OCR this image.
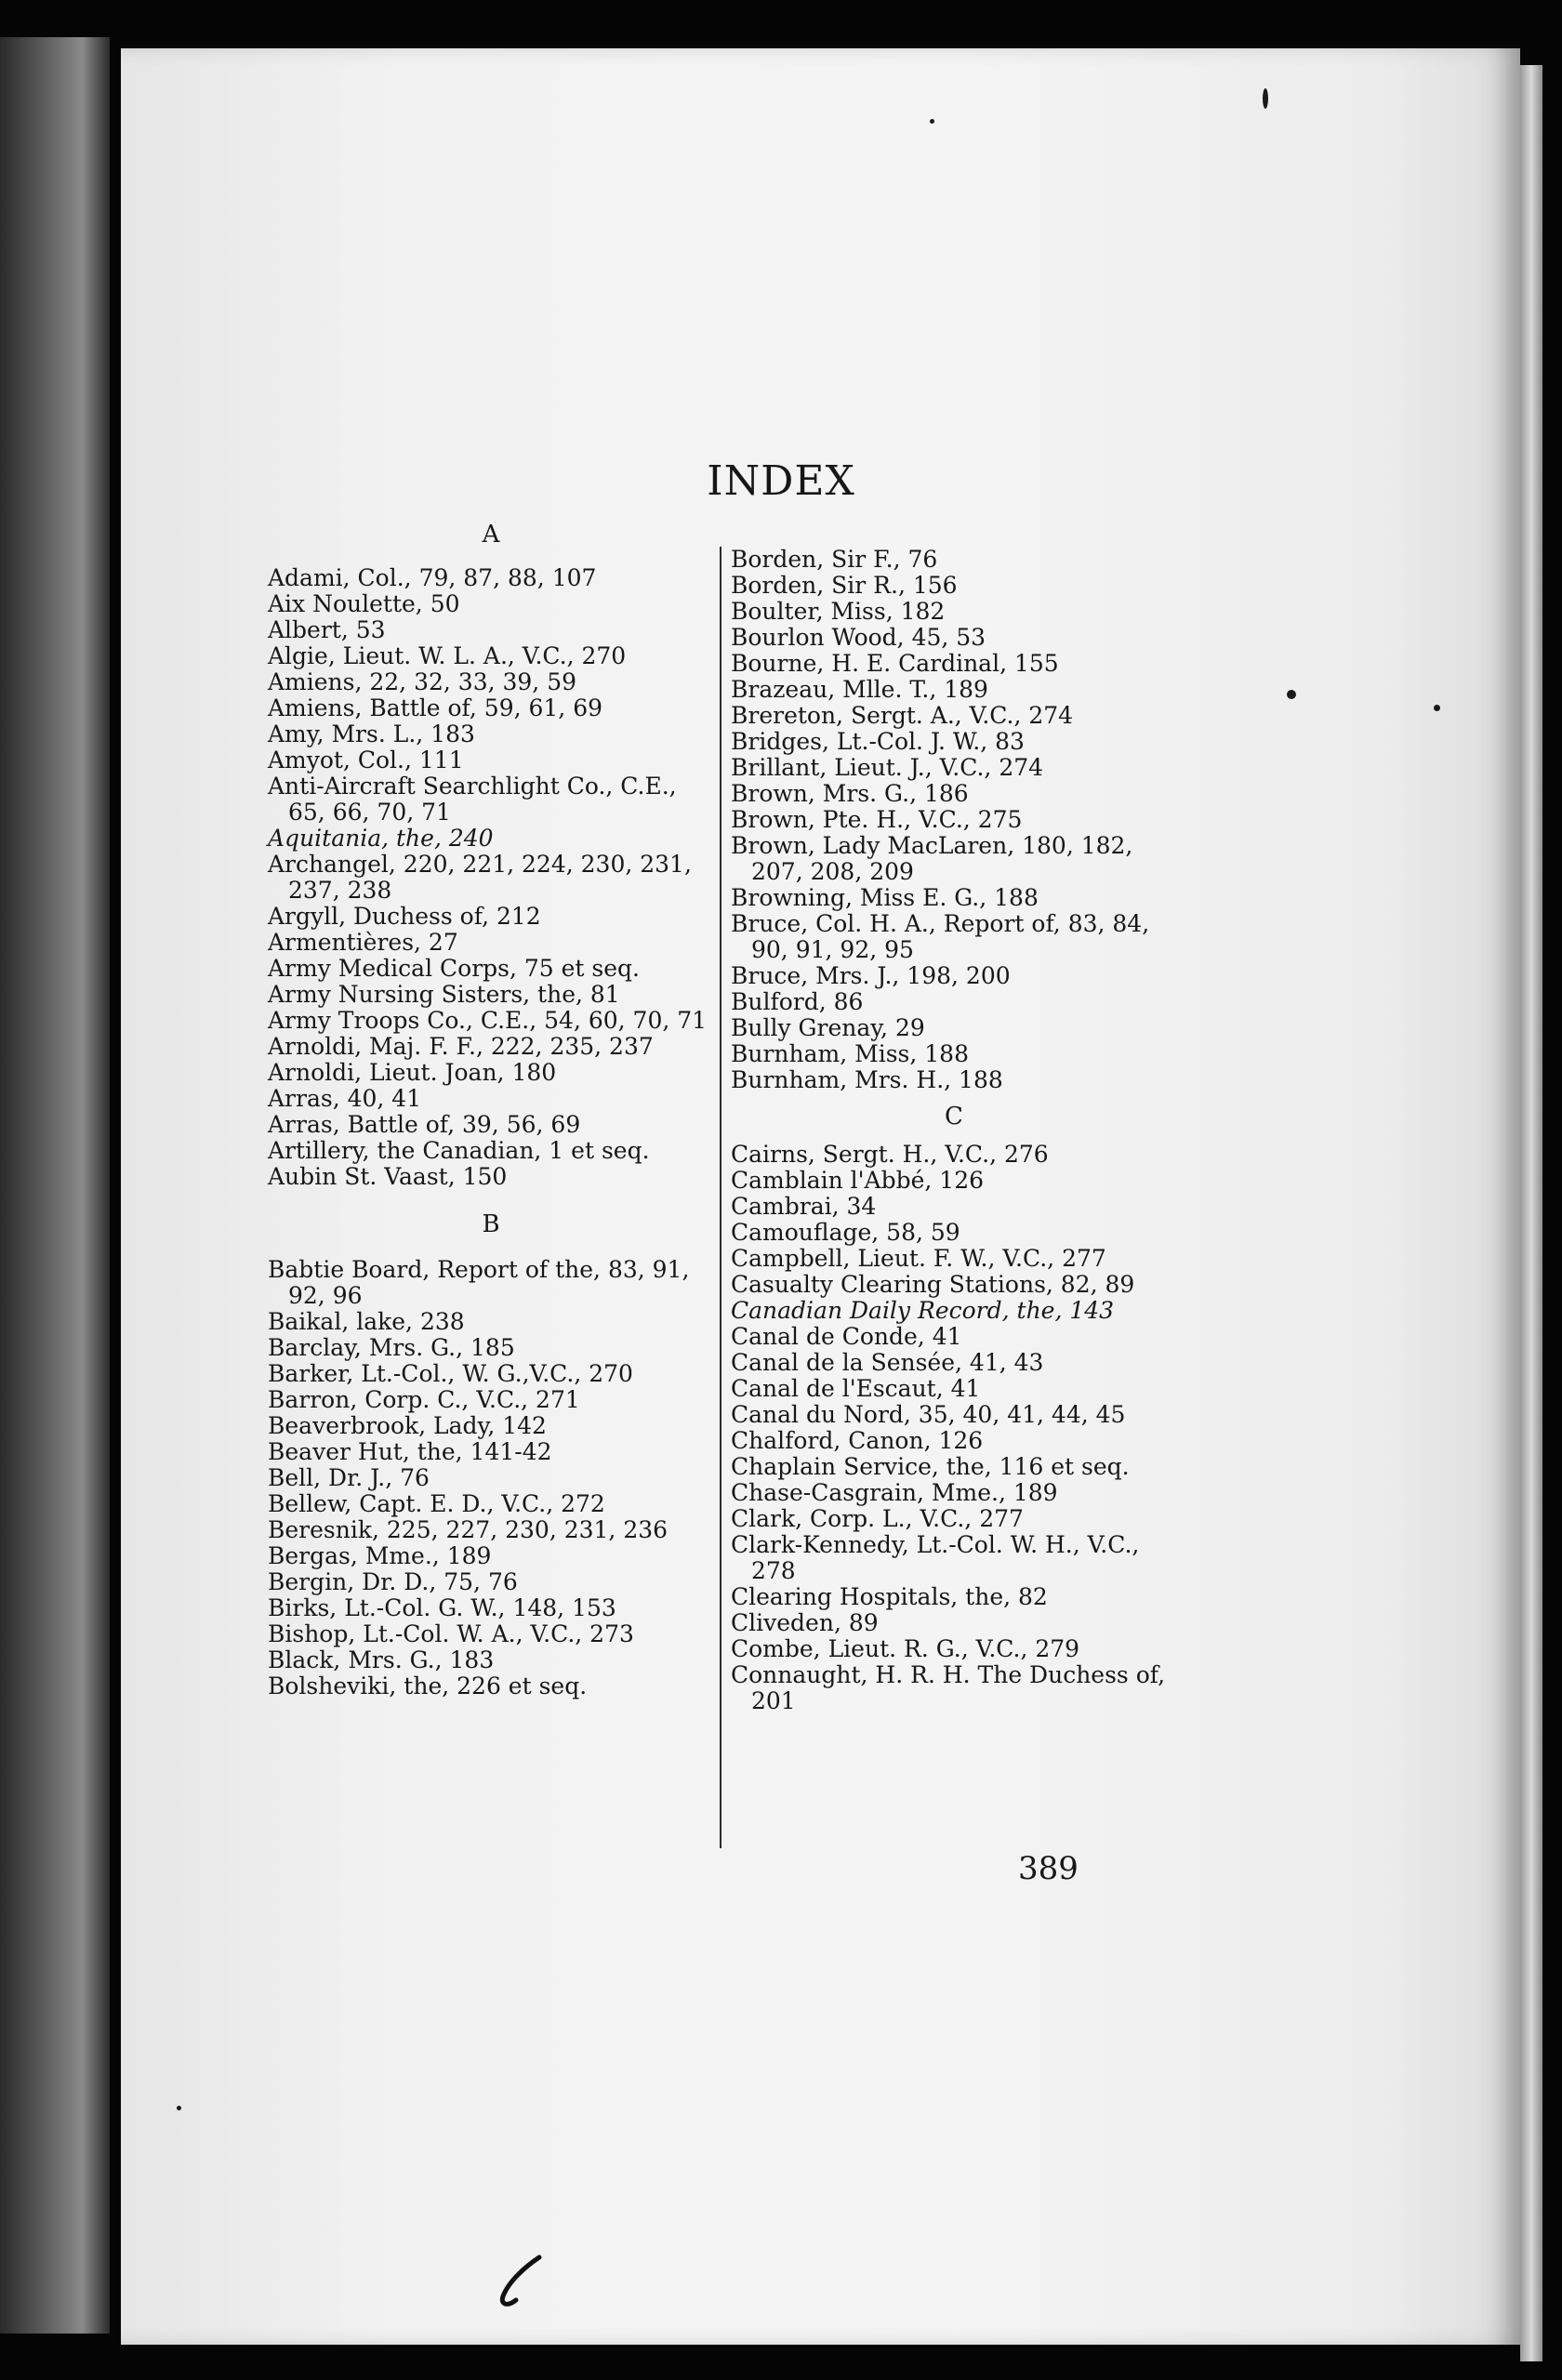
INDEX
A
Adami, Col., 79, 87, 88, 107
Aix Noulette, 50
Albert, 53
Algie, Lieut. W. L. A., V.C., 270
Amiens, 22, 32, 33, 39, 59
Amiens, Battle of, 59, 61, 69
Amy, Mrs. L., 183
Amyot, Col., 111
Anti-Aircraft Searchlight Co., C.E., 65, 66, 70, 71
Aquitania, the, 240
Archangel, 220, 221, 224, 230, 231, 237, 238
Argyll, Duchess of, 212
Armentières, 27
Army Medical Corps, 75 et seq.
Army Nursing Sisters, the, 81
Army Troops Co., C.E., 54, 60, 70, 71
Arnoldi, Maj. F. F., 222, 235, 237
Arnoldi, Lieut. Joan, 180
Arras, 40, 41
Arras, Battle of, 39, 56, 69
Artillery, the Canadian, 1 et seq.
Aubin St. Vaast, 150
B
Babtie Board, Report of the, 83, 91, 92, 96
Baikal, lake, 238
Barclay, Mrs. G., 185
Barker, Lt.-Col., W. G.,V.C., 270
Barron, Corp. C., V.C., 271
Beaverbrook, Lady, 142
Beaver Hut, the, 141-42
Bell, Dr. J., 76
Bellew, Capt. E. D., V.C., 272
Beresnik, 225, 227, 230, 231, 236
Bergas, Mme., 189
Bergin, Dr. D., 75, 76
Birks, Lt.-Col. G. W., 148, 153
Bishop, Lt.-Col. W. A., V.C., 273
Black, Mrs. G., 183
Bolsheviki, the, 226 et seq.
Borden, Sir F., 76
Borden, Sir R., 156
Boulter, Miss, 182
Bourlon Wood, 45, 53
Bourne, H. E. Cardinal, 155
Brazeau, Mlle. T., 189
Brereton, Sergt. A., V.C., 274
Bridges, Lt.-Col. J. W., 83
Brillant, Lieut. J., V.C., 274
Brown, Mrs. G., 186
Brown, Pte. H., V.C., 275
Brown, Lady MacLaren, 180, 182, 207, 208, 209
Browning, Miss E. G., 188
Bruce, Col. H. A., Report of, 83, 84, 90, 91, 92, 95
Bruce, Mrs. J., 198, 200
Bulford, 86
Bully Grenay, 29
Burnham, Miss, 188
Burnham, Mrs. H., 188
C
Cairns, Sergt. H., V.C., 276
Camblain l'Abbé, 126
Cambrai, 34
Camouflage, 58, 59
Campbell, Lieut. F. W., V.C., 277
Casualty Clearing Stations, 82, 89
Canadian Daily Record, the, 143
Canal de Conde, 41
Canal de la Sensée, 41, 43
Canal de l'Escaut, 41
Canal du Nord, 35, 40, 41, 44, 45
Chalford, Canon, 126
Chaplain Service, the, 116 et seq.
Chase-Casgrain, Mme., 189
Clark, Corp. L., V.C., 277
Clark-Kennedy, Lt.-Col. W. H., V.C., 278
Clearing Hospitals, the, 82
Cliveden, 89
Combe, Lieut. R. G., V.C., 279
Connaught, H. R. H. The Duchess of, 201
389
